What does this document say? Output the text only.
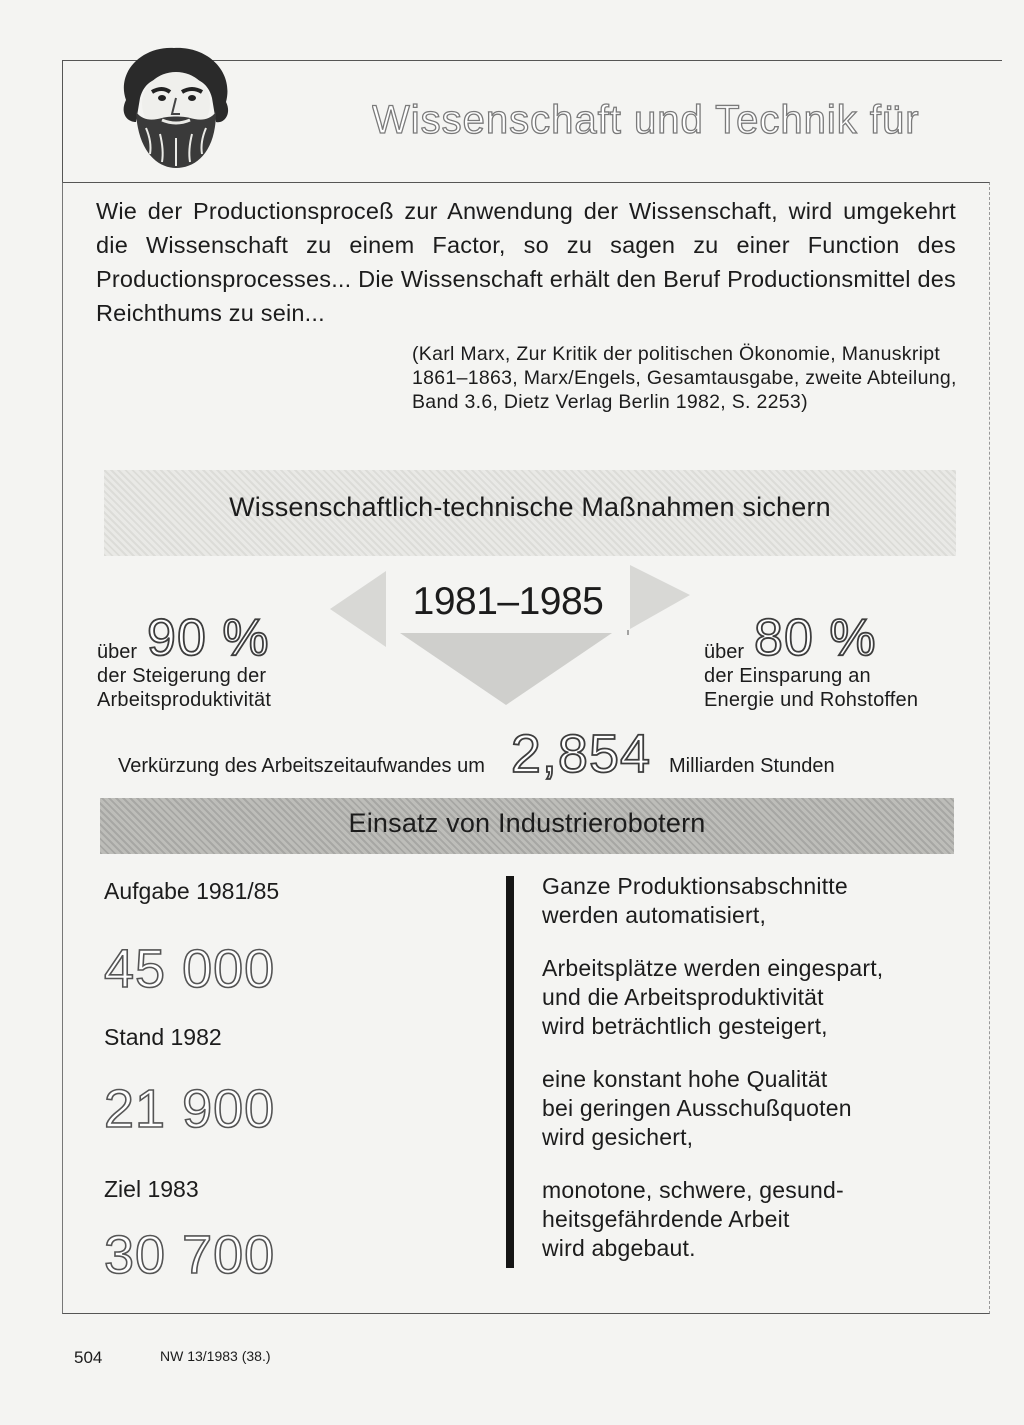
Wissenschaft und Technik für
Wie der Productionsproceß zur Anwendung der Wissenschaft, wird umgekehrt die Wissenschaft zu einem Factor, so zu sagen zu einer Function des Productionsprocesses... Die Wissenschaft erhält den Beruf Productionsmittel des Reichthums zu sein...
(Karl Marx, Zur Kritik der politischen Ökonomie, Manuskript 1861–1863, Marx/Engels, Gesamtausgabe, zweite Abteilung, Band 3.6, Dietz Verlag Berlin 1982, S. 2253)
Wissenschaftlich-technische Maßnahmen sichern
1981–1985
über 90 %
der Steigerung der
Arbeitsproduktivität
über 80 %
der Einsparung an
Energie und Rohstoffen
Verkürzung des Arbeitszeitaufwandes um 2,854 Milliarden Stunden
Einsatz von Industrierobotern
Aufgabe 1981/85
45 000
Stand 1982
21 900
Ziel 1983
30 700
Ganze Produktionsabschnitte
werden automatisiert,
Arbeitsplätze werden eingespart,
und die Arbeitsproduktivität
wird beträchtlich gesteigert,
eine konstant hohe Qualität
bei geringen Ausschußquoten
wird gesichert,
monotone, schwere, gesund-
heitsgefährdende Arbeit
wird abgebaut.
504	NW 13/1983 (38.)
